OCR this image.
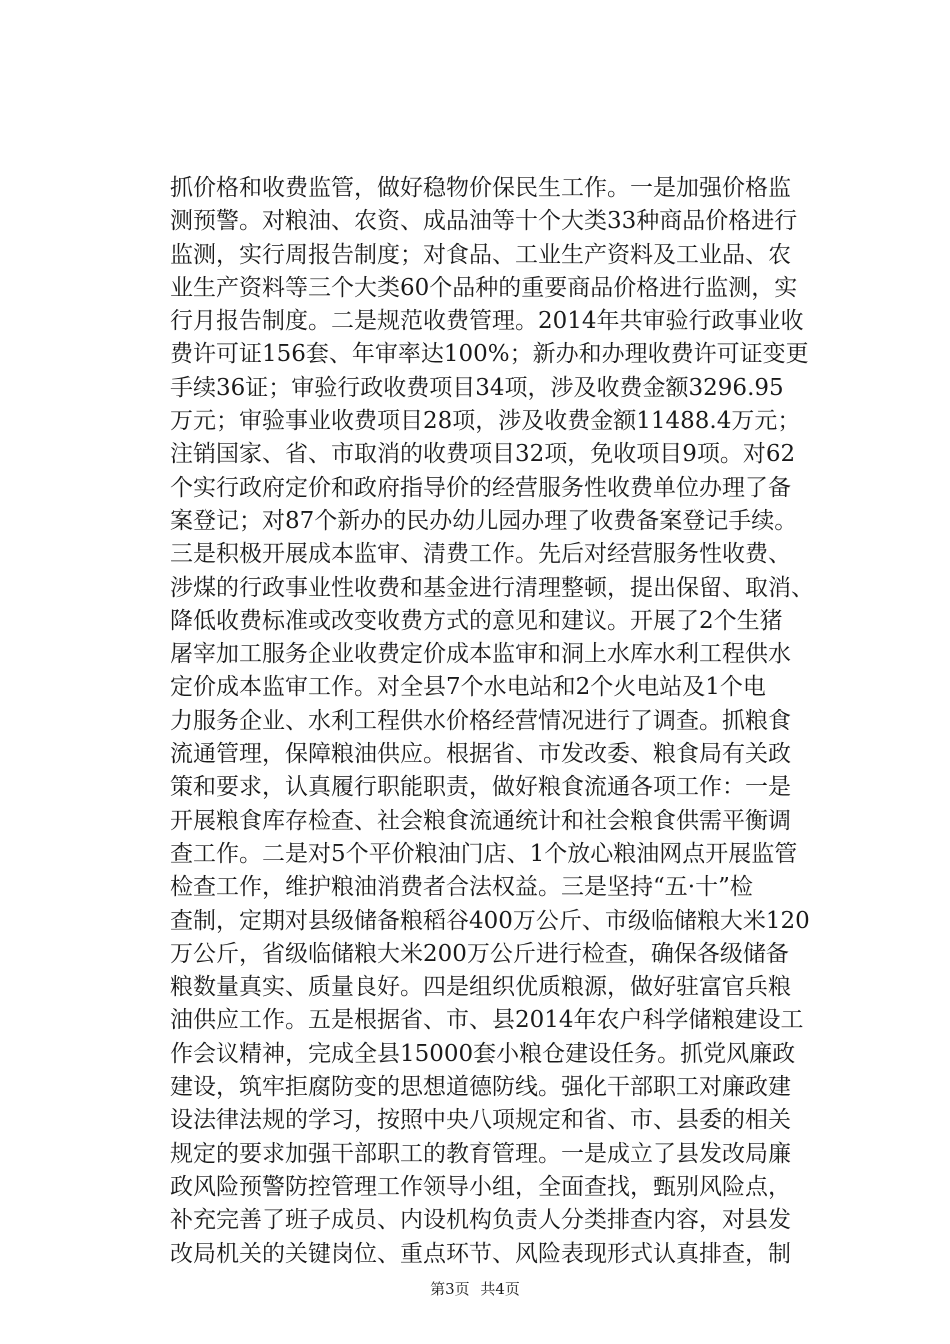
抓价格和收费监管，做好稳物价保民生工作。一是加强价格监
测预警。对粮油、农资、成品油等十个大类33种商品价格进行
监测，实行周报告制度；对食品、工业生产资料及工业品、农
业生产资料等三个大类60个品种的重要商品价格进行监测，实
行月报告制度。二是规范收费管理。2014年共审验行政事业收
费许可证156套、年审率达100%；新办和办理收费许可证变更
手续36证；审验行政收费项目34项，涉及收费金额3296.95
万元；审验事业收费项目28项，涉及收费金额11488.4万元；
注销国家、省、市取消的收费项目32项，免收项目9项。对62
个实行政府定价和政府指导价的经营服务性收费单位办理了备
案登记；对87个新办的民办幼儿园办理了收费备案登记手续。
三是积极开展成本监审、清费工作。先后对经营服务性收费、
涉煤的行政事业性收费和基金进行清理整顿，提出保留、取消、
降低收费标准或改变收费方式的意见和建议。开展了2个生猪
屠宰加工服务企业收费定价成本监审和洞上水库水利工程供水
定价成本监审工作。对全县7个水电站和2个火电站及1个电
力服务企业、水利工程供水价格经营情况进行了调查。抓粮食
流通管理，保障粮油供应。根据省、市发改委、粮食局有关政
策和要求，认真履行职能职责，做好粮食流通各项工作：一是
开展粮食库存检查、社会粮食流通统计和社会粮食供需平衡调
查工作。二是对5个平价粮油门店、1个放心粮油网点开展监管
检查工作，维护粮油消费者合法权益。三是坚持“五·十”检
查制，定期对县级储备粮稻谷400万公斤、市级临储粮大米120
万公斤，省级临储粮大米200万公斤进行检查，确保各级储备
粮数量真实、质量良好。四是组织优质粮源，做好驻富官兵粮
油供应工作。五是根据省、市、县2014年农户科学储粮建设工
作会议精神，完成全县15000套小粮仓建设任务。抓党风廉政
建设，筑牢拒腐防变的思想道德防线。强化干部职工对廉政建
设法律法规的学习，按照中央八项规定和省、市、县委的相关
规定的要求加强干部职工的教育管理。一是成立了县发改局廉
政风险预警防控管理工作领导小组，全面查找，甄别风险点，
补充完善了班子成员、内设机构负责人分类排查内容，对县发
改局机关的关键岗位、重点环节、风险表现形式认真排查，制
第3页 共4页
